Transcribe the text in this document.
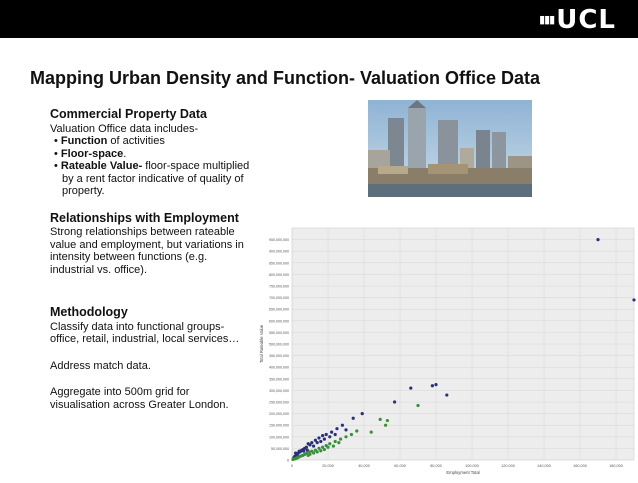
▮▮▮UCL
Mapping Urban Density and Function- Valuation Office Data
Commercial Property Data
Valuation Office data includes-
• Function of activities
• Floor-space.
• Rateable Value- floor-space multiplied by a rent factor indicative of quality of property.
Relationships with Employment
Strong relationships between rateable value and employment, but variations in intensity between functions (e.g. industrial vs. office).
Methodology
Classify data into functional groups- office, retail, industrial, local services…
Address match data.
Aggregate into 500m grid for visualisation across Greater London.
0
50,000,000
100,000,000
150,000,000
200,000,000
250,000,000
300,000,000
350,000,000
400,000,000
450,000,000
500,000,000
550,000,000
600,000,000
650,000,000
700,000,000
750,000,000
800,000,000
850,000,000
900,000,000
950,000,000
0	20,000	40,000	60,000	80,000	100,000	120,000	140,000	160,000	180,000
Employment Total
Total Rateable Value
